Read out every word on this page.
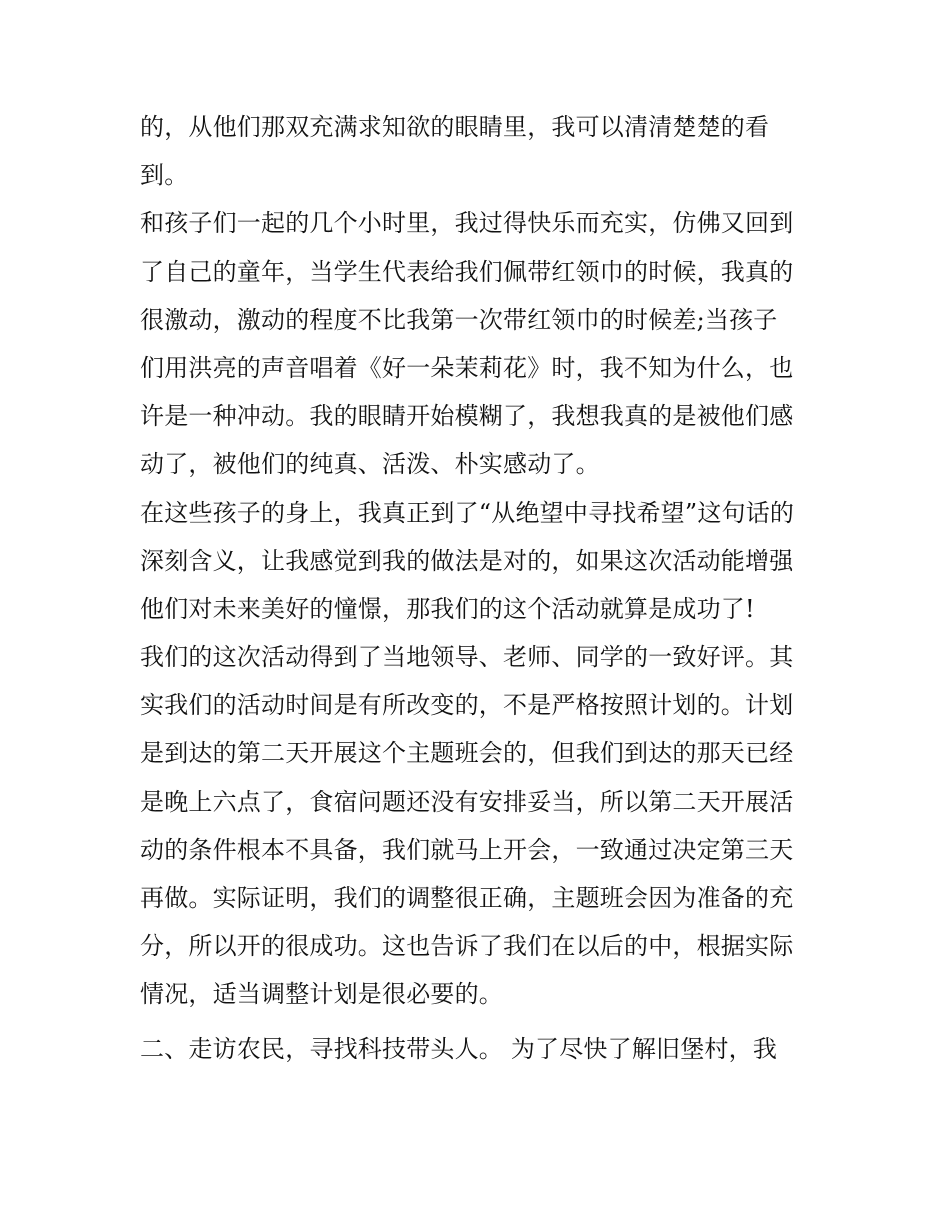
的，从他们那双充满求知欲的眼睛里，我可以清清楚楚的看
到。
和孩子们一起的几个小时里，我过得快乐而充实，仿佛又回到
了自己的童年，当学生代表给我们佩带红领巾的时候，我真的
很激动，激动的程度不比我第一次带红领巾的时候差;当孩子
们用洪亮的声音唱着《好一朵茉莉花》时，我不知为什么，也
许是一种冲动。我的眼睛开始模糊了，我想我真的是被他们感
动了，被他们的纯真、活泼、朴实感动了。
在这些孩子的身上，我真正到了“从绝望中寻找希望”这句话的
深刻含义，让我感觉到我的做法是对的，如果这次活动能增强
他们对未来美好的憧憬，那我们的这个活动就算是成功了!
我们的这次活动得到了当地领导、老师、同学的一致好评。其
实我们的活动时间是有所改变的，不是严格按照计划的。计划
是到达的第二天开展这个主题班会的，但我们到达的那天已经
是晚上六点了，食宿问题还没有安排妥当，所以第二天开展活
动的条件根本不具备，我们就马上开会，一致通过决定第三天
再做。实际证明，我们的调整很正确，主题班会因为准备的充
分，所以开的很成功。这也告诉了我们在以后的中，根据实际
情况，适当调整计划是很必要的。
二、走访农民，寻找科技带头人。 为了尽快了解旧堡村，我
